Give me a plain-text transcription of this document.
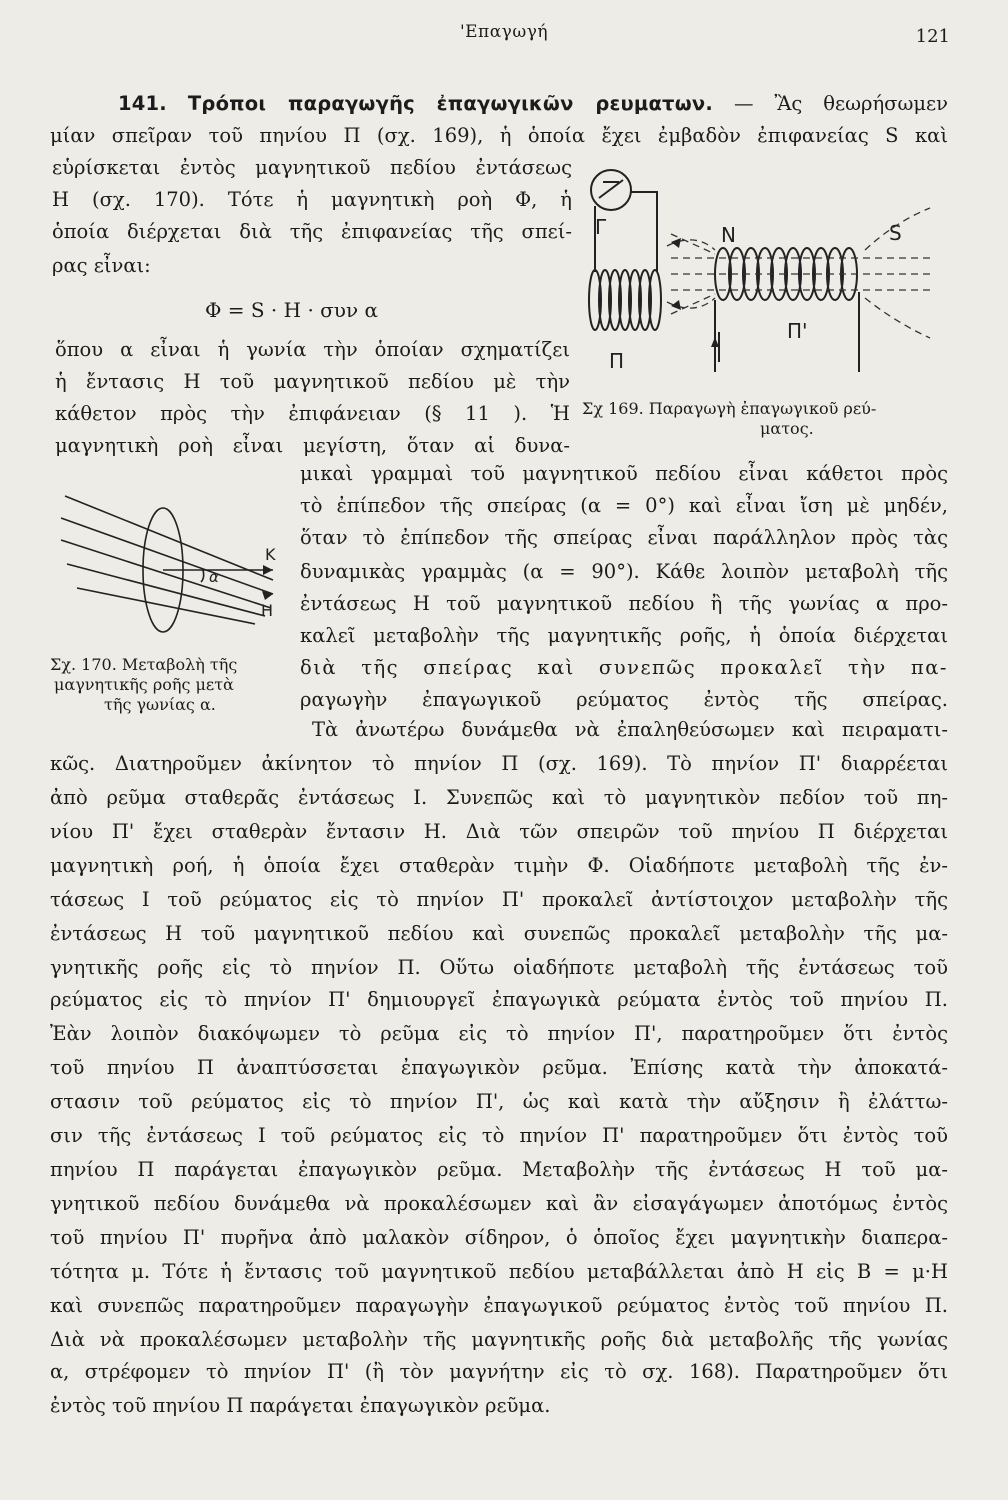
'Επαγωγή	121

141. Τρόποι παραγωγῆς ἐπαγωγικῶν ρευματων. — Ἂς θεωρήσωμεν

μίαν σπεῖραν τοῦ πηνίου Π (σχ. 169), ἡ ὁποία ἔχει ἐμβαδὸν ἐπιφανείας S καὶ

εὑρίσκεται ἐντὸς μαγνητικοῦ πεδίου ἐντάσεως

H (σχ. 170). Τότε ἡ μαγνητικὴ ροὴ Φ, ἡ

ὁποία διέρχεται διὰ τῆς ἐπιφανείας τῆς σπεί-

ρας εἶναι:

Φ = S · H · συν α

ὅπου α εἶναι ἡ γωνία τὴν ὁποίαν σχηματίζει

ἡ ἔντασις H τοῦ μαγνητικοῦ πεδίου μὲ τὴν

κάθετον πρὸς τὴν ἐπιφάνειαν (§ 11 ). Ἡ

μαγνητικὴ ροὴ εἶναι μεγίστη, ὅταν αἱ δυνα-

μικαὶ γραμμαὶ τοῦ μαγνητικοῦ πεδίου εἶναι κάθετοι πρὸς

τὸ ἐπίπεδον τῆς σπείρας (α = 0°) καὶ εἶναι ἴση μὲ μηδέν,

ὅταν τὸ ἐπίπεδον τῆς σπείρας εἶναι παράλληλον πρὸς τὰς

δυναμικὰς γραμμὰς (α = 90°). Κάθε λοιπὸν μεταβολὴ τῆς

ἐντάσεως H τοῦ μαγνητικοῦ πεδίου ἢ τῆς γωνίας α προ-

καλεῖ μεταβολὴν τῆς μαγνητικῆς ροῆς, ἡ ὁποία διέρχεται

διὰ τῆς σπείρας καὶ συνεπῶς προκαλεῖ τὴν πα-

ραγωγὴν ἐπαγωγικοῦ ρεύματος ἐντὸς τῆς σπείρας.

Τὰ ἀνωτέρω δυνάμεθα νὰ ἐπαληθεύσωμεν καὶ πειραματι-

κῶς. Διατηροῦμεν ἀκίνητον τὸ πηνίον Π (σχ. 169). Τὸ πηνίον Π' διαρρέεται

ἀπὸ ρεῦμα σταθερᾶς ἐντάσεως I. Συνεπῶς καὶ τὸ μαγνητικὸν πεδίον τοῦ πη-

νίου Π' ἔχει σταθερὰν ἔντασιν H. Διὰ τῶν σπειρῶν τοῦ πηνίου Π διέρχεται

μαγνητικὴ ροή, ἡ ὁποία ἔχει σταθερὰν τιμὴν Φ. Οἱαδήποτε μεταβολὴ τῆς ἐν-

τάσεως I τοῦ ρεύματος εἰς τὸ πηνίον Π' προκαλεῖ ἀντίστοιχον μεταβολὴν τῆς

ἐντάσεως H τοῦ μαγνητικοῦ πεδίου καὶ συνεπῶς προκαλεῖ μεταβολὴν τῆς μα-

γνητικῆς ροῆς εἰς τὸ πηνίον Π. Οὕτω οἱαδήποτε μεταβολὴ τῆς ἐντάσεως τοῦ

ρεύματος εἰς τὸ πηνίον Π' δημιουργεῖ ἐπαγωγικὰ ρεύματα ἐντὸς τοῦ πηνίου Π.

Ἐὰν λοιπὸν διακόψωμεν τὸ ρεῦμα εἰς τὸ πηνίον Π', παρατηροῦμεν ὅτι ἐντὸς

τοῦ πηνίου Π ἀναπτύσσεται ἐπαγωγικὸν ρεῦμα. Ἐπίσης κατὰ τὴν ἀποκατά-

στασιν τοῦ ρεύματος εἰς τὸ πηνίον Π', ὡς καὶ κατὰ τὴν αὔξησιν ἢ ἐλάττω-

σιν τῆς ἐντάσεως I τοῦ ρεύματος εἰς τὸ πηνίον Π' παρατηροῦμεν ὅτι ἐντὸς τοῦ

πηνίου Π παράγεται ἐπαγωγικὸν ρεῦμα. Μεταβολὴν τῆς ἐντάσεως H τοῦ μα-

γνητικοῦ πεδίου δυνάμεθα νὰ προκαλέσωμεν καὶ ἂν εἰσαγάγωμεν ἀποτόμως ἐντὸς

τοῦ πηνίου Π' πυρῆνα ἀπὸ μαλακὸν σίδηρον, ὁ ὁποῖος ἔχει μαγνητικὴν διαπερα-

τότητα μ. Τότε ἡ ἔντασις τοῦ μαγνητικοῦ πεδίου μεταβάλλεται ἀπὸ H εἰς B = μ·H

καὶ συνεπῶς παρατηροῦμεν παραγωγὴν ἐπαγωγικοῦ ρεύματος ἐντὸς τοῦ πηνίου Π.

Διὰ νὰ προκαλέσωμεν μεταβολὴν τῆς μαγνητικῆς ροῆς διὰ μεταβολῆς τῆς γωνίας

α, στρέφομεν τὸ πηνίον Π' (ἢ τὸν μαγνήτην εἰς τὸ σχ. 168). Παρατηροῦμεν ὅτι

ἐντὸς τοῦ πηνίου Π παράγεται ἐπαγωγικὸν ρεῦμα.

Γ
Π
Π'
N	S

Σχ 169. Παραγωγὴ ἐπαγωγικοῦ ρεύ-

ματος.

K
H
α

Σχ. 170. Μεταβολὴ τῆς

μαγνητικῆς ροῆς μετὰ

τῆς γωνίας α.
